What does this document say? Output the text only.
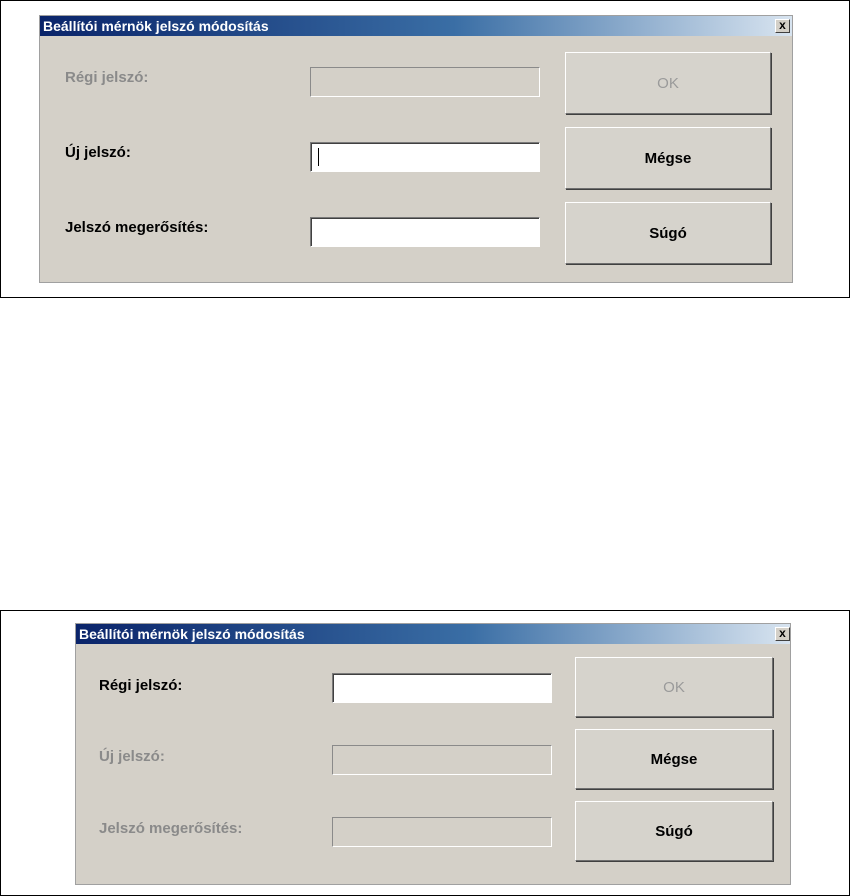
Beállítói mérnök jelszó módosítás	x
Régi jelszó:
Új jelszó:
Jelszó megerősítés:
OK
Mégse
Súgó
Beállítói mérnök jelszó módosítás	x
Régi jelszó:
Új jelszó:
Jelszó megerősítés:
OK
Mégse
Súgó
